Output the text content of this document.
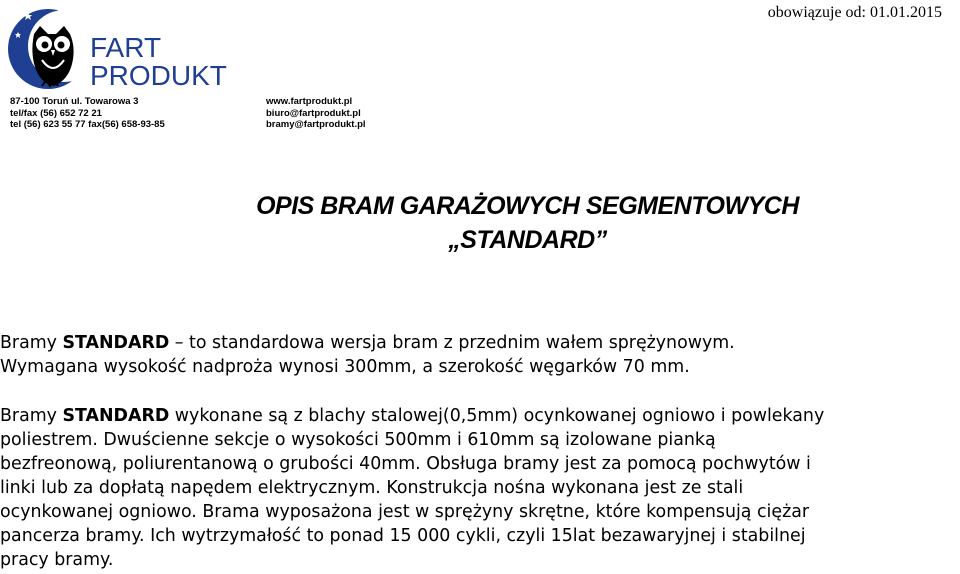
FART
PRODUKT
87-100 Toruń ul. Towarowa 3
tel/fax (56) 652 72 21
tel (56) 623 55 77 fax(56) 658-93-85
www.fartprodukt.pl
biuro@fartprodukt.pl
bramy@fartprodukt.pl
obowiązuje od: 01.01.2015
OPIS BRAM GARAŻOWYCH SEGMENTOWYCH
„STANDARD”

Bramy STANDARD – to standardowa wersja bram z przednim wałem sprężynowym.
Wymagana wysokość nadproża wynosi 300mm, a szerokość węgarków 70 mm.

Bramy STANDARD wykonane są z blachy stalowej(0,5mm) ocynkowanej ogniowo i powlekany
poliestrem. Dwuścienne sekcje o wysokości 500mm i 610mm są izolowane pianką
bezfreonową, poliurentanową o grubości 40mm. Obsługa bramy jest za pomocą pochwytów i
linki lub za dopłatą napędem elektrycznym. Konstrukcja nośna wykonana jest ze stali
ocynkowanej ogniowo. Brama wyposażona jest w sprężyny skrętne, które kompensują ciężar
pancerza bramy. Ich wytrzymałość to ponad 15 000 cykli, czyli 15lat bezawaryjnej i stabilnej
pracy bramy.
